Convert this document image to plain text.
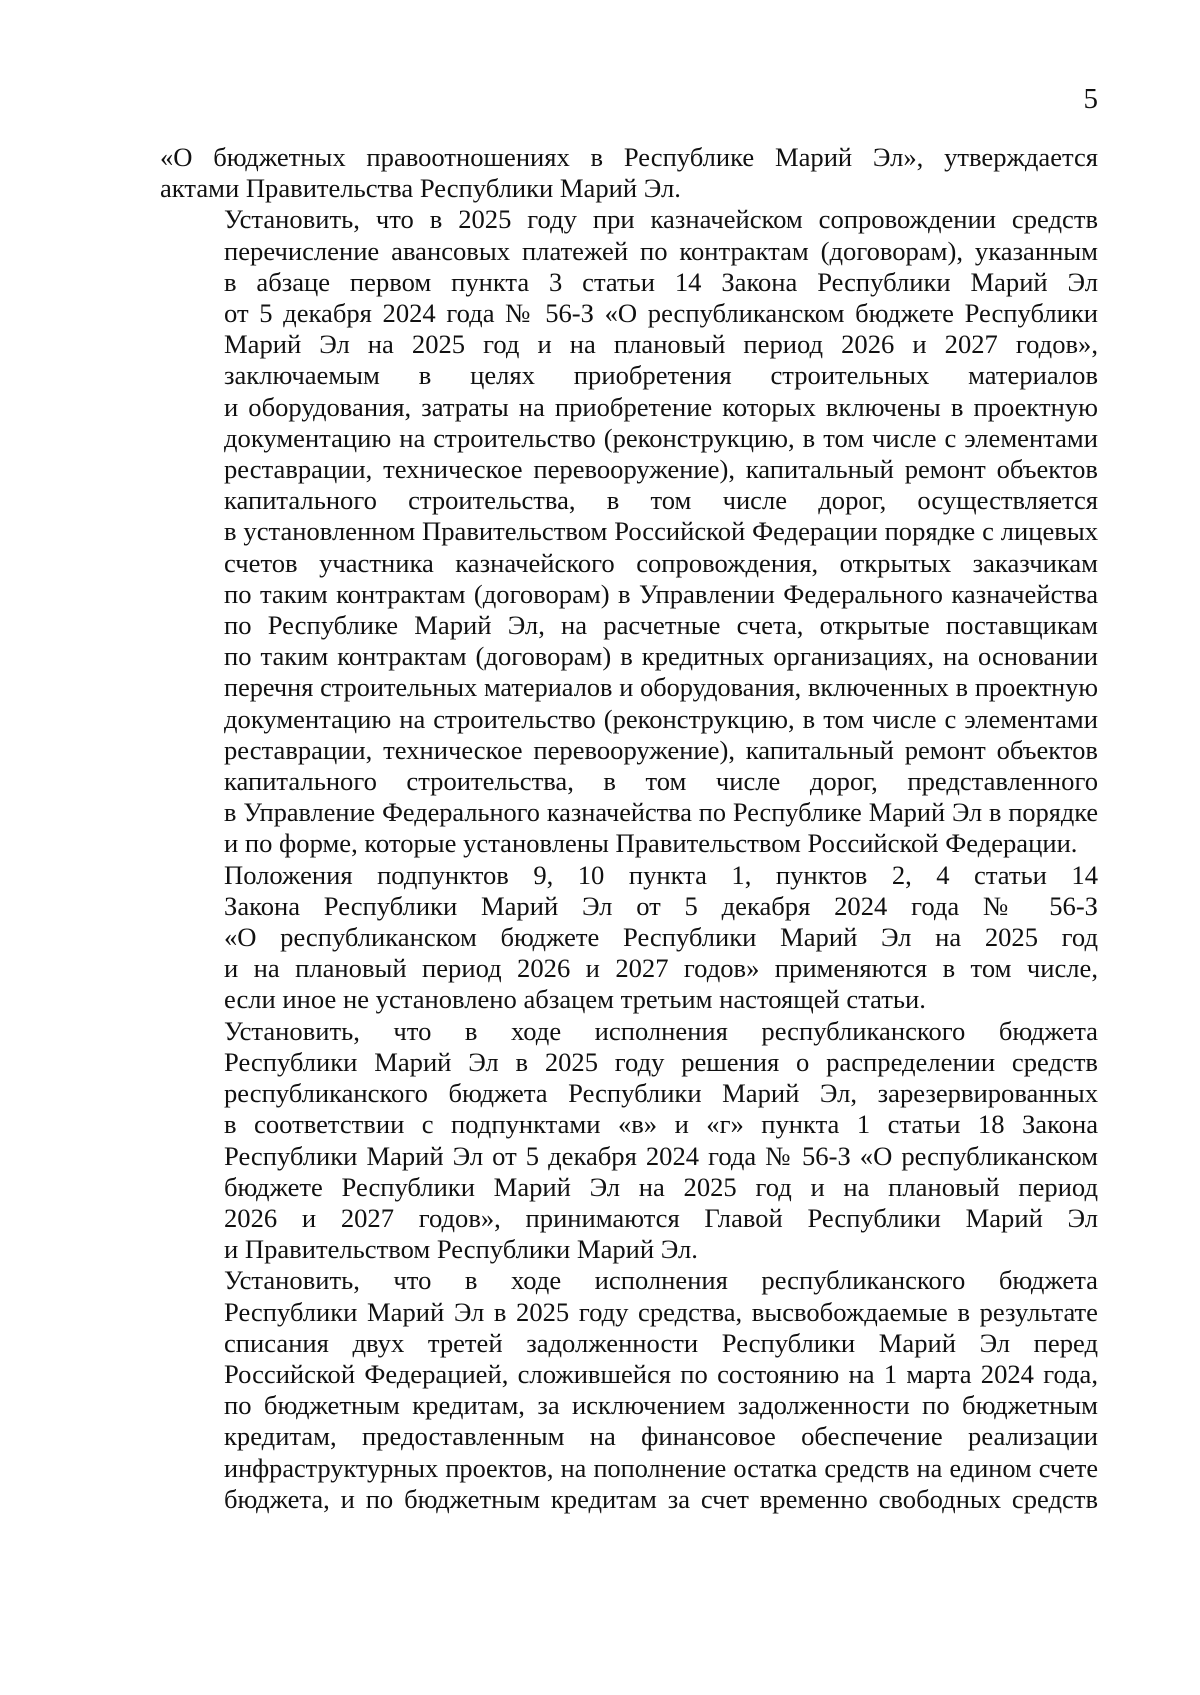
5

«О бюджетных правоотношениях в Республике Марий Эл», утверждается
актами Правительства Республики Марий Эл.

Установить, что в 2025 году при казначейском сопровождении средств
перечисление авансовых платежей по контрактам (договорам), указанным
в абзаце первом пункта 3 статьи 14 Закона Республики Марий Эл
от 5 декабря 2024 года № 56-З «О республиканском бюджете Республики
Марий Эл на 2025 год и на плановый период 2026 и 2027 годов»,
заключаемым в целях приобретения строительных материалов
и оборудования, затраты на приобретение которых включены в проектную
документацию на строительство (реконструкцию, в том числе с элементами
реставрации, техническое перевооружение), капитальный ремонт объектов
капитального строительства, в том числе дорог, осуществляется
в установленном Правительством Российской Федерации порядке с лицевых
счетов участника казначейского сопровождения, открытых заказчикам
по таким контрактам (договорам) в Управлении Федерального казначейства
по Республике Марий Эл, на расчетные счета, открытые поставщикам
по таким контрактам (договорам) в кредитных организациях, на основании
перечня строительных материалов и оборудования, включенных в проектную
документацию на строительство (реконструкцию, в том числе с элементами
реставрации, техническое перевооружение), капитальный ремонт объектов
капитального строительства, в том числе дорог, представленного
в Управление Федерального казначейства по Республике Марий Эл в порядке
и по форме, которые установлены Правительством Российской Федерации.

Положения подпунктов 9, 10 пункта 1, пунктов 2, 4 статьи 14
Закона Республики Марий Эл от 5 декабря 2024 года № 56-З
«О республиканском бюджете Республики Марий Эл на 2025 год
и на плановый период 2026 и 2027 годов» применяются в том числе,
если иное не установлено абзацем третьим настоящей статьи.

Установить, что в ходе исполнения республиканского бюджета
Республики Марий Эл в 2025 году решения о распределении средств
республиканского бюджета Республики Марий Эл, зарезервированных
в соответствии с подпунктами «в» и «г» пункта 1 статьи 18 Закона
Республики Марий Эл от 5 декабря 2024 года № 56-З «О республиканском
бюджете Республики Марий Эл на 2025 год и на плановый период
2026 и 2027 годов», принимаются Главой Республики Марий Эл
и Правительством Республики Марий Эл.

Установить, что в ходе исполнения республиканского бюджета
Республики Марий Эл в 2025 году средства, высвобождаемые в результате
списания двух третей задолженности Республики Марий Эл перед
Российской Федерацией, сложившейся по состоянию на 1 марта 2024 года,
по бюджетным кредитам, за исключением задолженности по бюджетным
кредитам, предоставленным на финансовое обеспечение реализации
инфраструктурных проектов, на пополнение остатка средств на едином счете
бюджета, и по бюджетным кредитам за счет временно свободных средств
